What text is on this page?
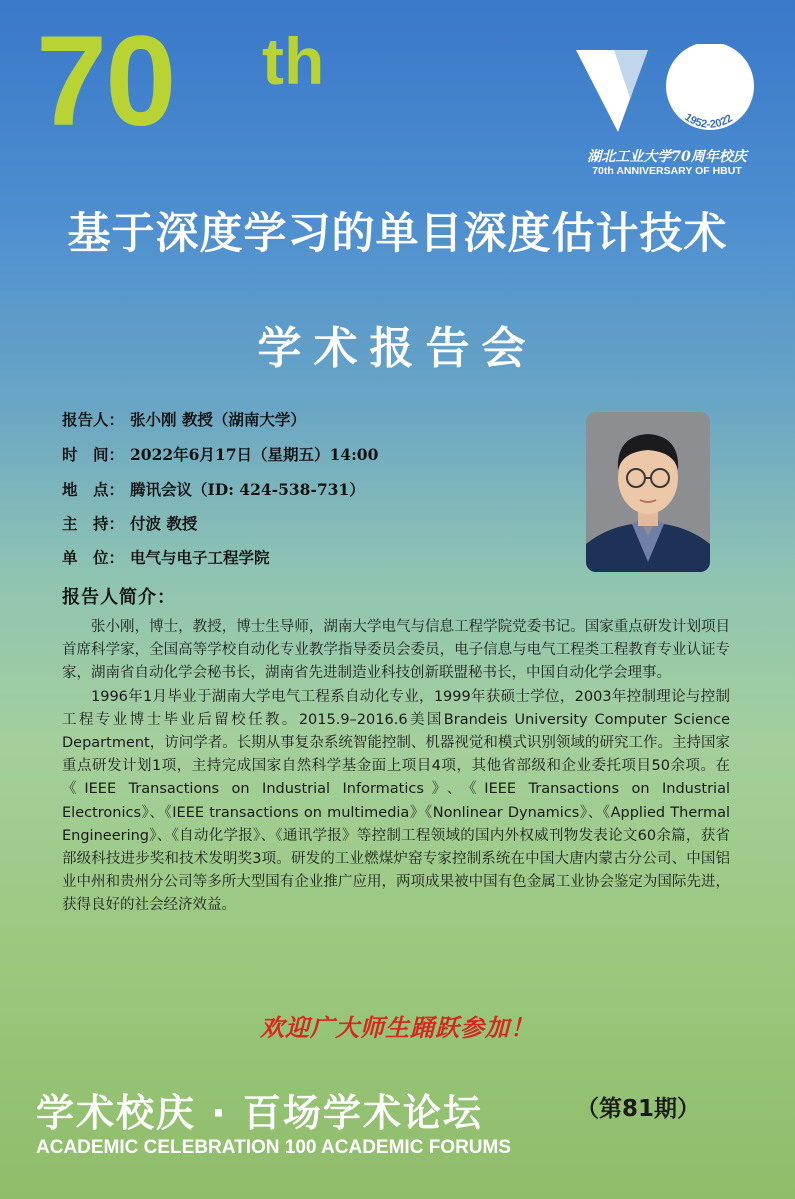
70 th
1952-2022
湖北工业大学70周年校庆
70th ANNIVERSARY OF HBUT
基于深度学习的单目深度估计技术
学术报告会
报告人： 张小刚 教授（湖南大学）
时　间： 2022年6月17日（星期五）14:00
地　点： 腾讯会议（ID: 424-538-731）
主　持： 付波 教授
单　位： 电气与电子工程学院
报告人简介：

张小刚，博士，教授，博士生导师，湖南大学电气与信息工程学院党委书记。国家重点研发计划项目首席科学家，全国高等学校自动化专业教学指导委员会委员，电子信息与电气工程类工程教育专业认证专家，湖南省自动化学会秘书长，湖南省先进制造业科技创新联盟秘书长，中国自动化学会理事。

1996年1月毕业于湖南大学电气工程系自动化专业，1999年获硕士学位，2003年控制理论与控制工程专业博士毕业后留校任教。2015.9–2016.6美国Brandeis University Computer Science Department，访问学者。长期从事复杂系统智能控制、机器视觉和模式识别领域的研究工作。主持国家重点研发计划1项，主持完成国家自然科学基金面上项目4项，其他省部级和企业委托项目50余项。在《IEEE Transactions on Industrial Informatics》、《IEEE Transactions on Industrial Electronics》、《IEEE transactions on multimedia》《Nonlinear Dynamics》、《Applied Thermal Engineering》、《自动化学报》、《通讯学报》等控制工程领域的国内外权威刊物发表论文60余篇，获省部级科技进步奖和技术发明奖3项。研发的工业燃煤炉窑专家控制系统在中国大唐内蒙古分公司、中国铝业中州和贵州分公司等多所大型国有企业推广应用，两项成果被中国有色金属工业协会鉴定为国际先进，获得良好的社会经济效益。

欢迎广大师生踊跃参加！
学术校庆 · 百场学术论坛	（第81期）
ACADEMIC CELEBRATION 100 ACADEMIC FORUMS
